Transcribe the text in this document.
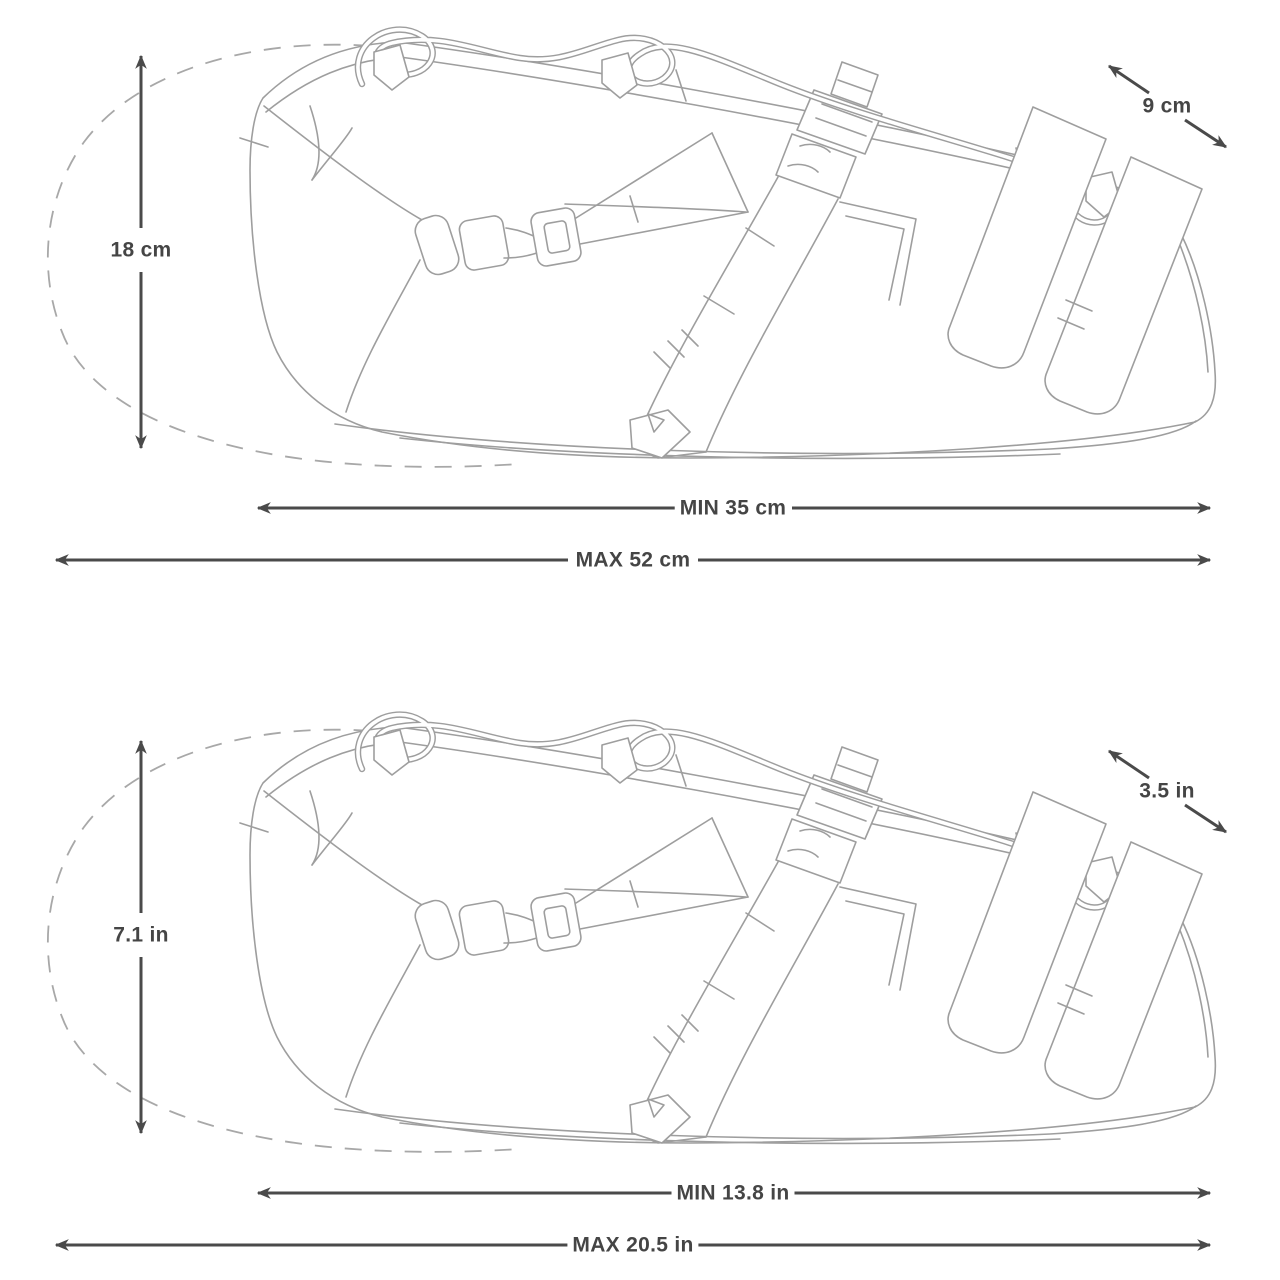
18 cm
9 cm
MIN 35 cm
MAX 52 cm
7.1 in
3.5 in
MIN 13.8 in
MAX 20.5 in
